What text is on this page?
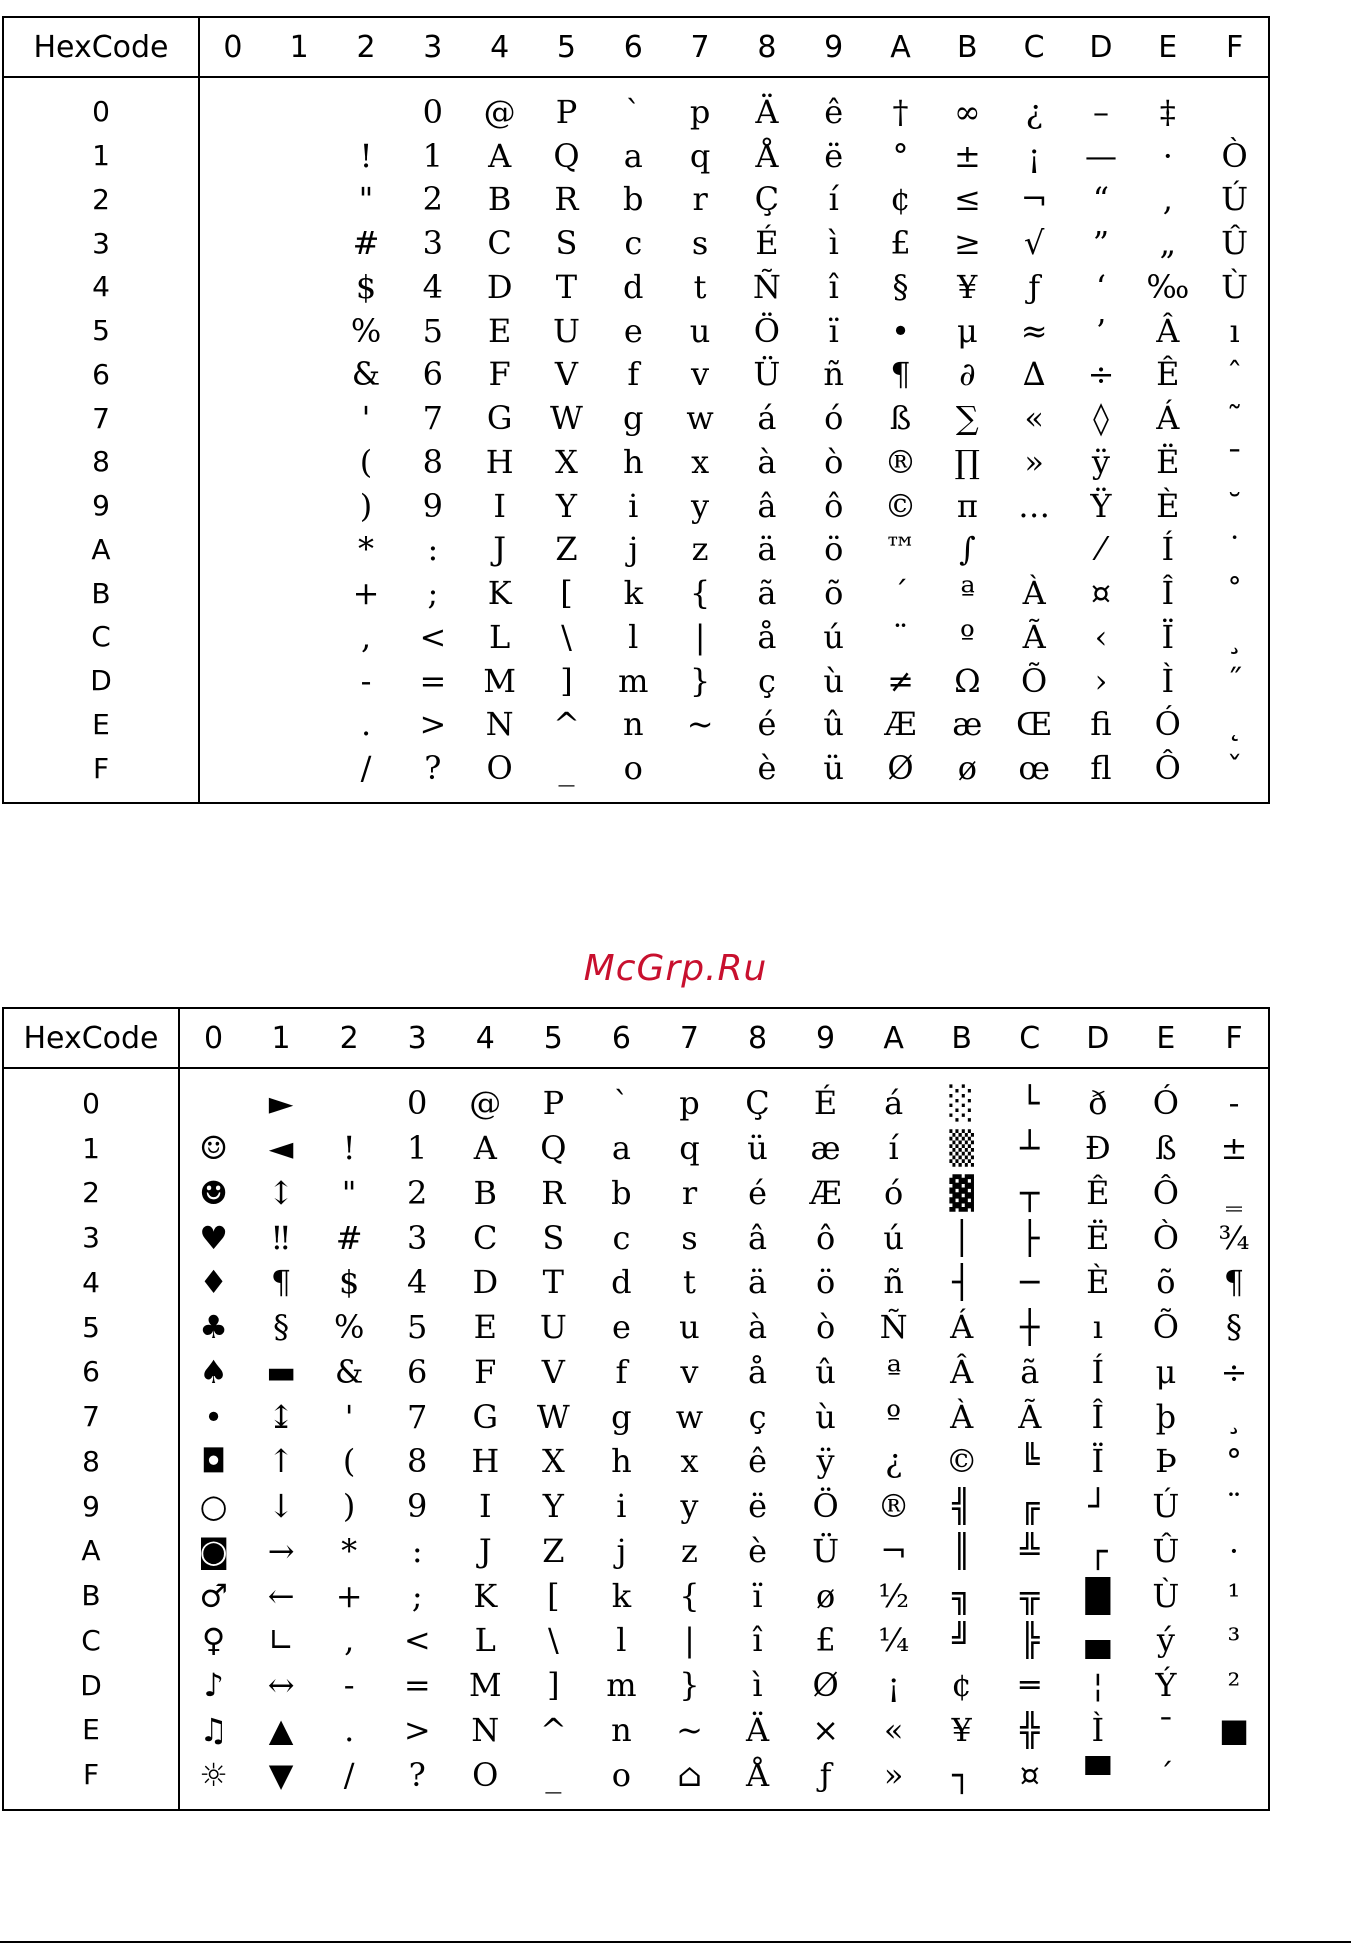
HexCode	0	1	2	3	4	5	6	7	8	9	A	B	C	D	E	F

0				0	@	P	`	p	Ä	ê	†	∞	¿	–	‡	
1			!	1	A	Q	a	q	Å	ë	°	±	¡	—	·	Ò
2			"	2	B	R	b	r	Ç	í	¢	≤	¬	“	,	Ú
3			#	3	C	S	c	s	É	ì	£	≥	√	”	„	Û
4			$	4	D	T	d	t	Ñ	î	§	¥	ƒ	‘	‰	Ù
5			%	5	E	U	e	u	Ö	ï	•	μ	≈	’	Â	ı
6			&	6	F	V	f	v	Ü	ñ	¶	∂	∆	÷	Ê	ˆ
7			'	7	G	W	g	w	á	ó	ß	∑	«	◊	Á	˜
8			(	8	H	X	h	x	à	ò	®	∏	»	ÿ	Ë	¯
9			)	9	I	Y	i	y	â	ô	©	π	…	Ÿ	È	˘
A			*	:	J	Z	j	z	ä	ö	™	∫		⁄	Í	˙
B			+	;	K	[	k	{	ã	õ	´	ª	À	¤	Î	˚
C			,	<	L	\	l	|	å	ú	¨	º	Ã	‹	Ï	¸
D			-	=	M	]	m	}	ç	ù	≠	Ω	Õ	›	Ì	˝
E			.	>	N	^	n	~	é	û	Æ	æ	Œ	ﬁ	Ó	˛
F			/	?	O	_	o		è	ü	Ø	ø	œ	ﬂ	Ô	ˇ

McGrp.Ru
HexCode	0	1	2	3	4	5	6	7	8	9	A	B	C	D	E	F

0		►		0	@	P	`	p	Ç	É	á	░	└	ð	Ó	-
1	☺	◄	!	1	A	Q	a	q	ü	æ	í	▒	┴	Đ	ß	±
2	☻	↕	"	2	B	R	b	r	é	Æ	ó	▓	┬	Ê	Ô	‗
3	♥	‼	#	3	C	S	c	s	â	ô	ú	│	├	Ë	Ò	¾
4	♦	¶	$	4	D	T	d	t	ä	ö	ñ	┤	─	È	õ	¶
5	♣	§	%	5	E	U	e	u	à	ò	Ñ	Á	┼	ı	Õ	§
6	♠	▬	&	6	F	V	f	v	å	û	ª	Â	ã	Í	μ	÷
7	•	↨	'	7	G	W	g	w	ç	ù	º	À	Ã	Î	þ	¸
8	◘	↑	(	8	H	X	h	x	ê	ÿ	¿	©	╚	Ï	Þ	°
9	○	↓	)	9	I	Y	i	y	ë	Ö	®	╣	╔	┘	Ú	¨
A	◙	→	*	:	J	Z	j	z	è	Ü	¬	║	╩	┌	Û	·
B	♂	←	+	;	K	[	k	{	ï	ø	½	╗	╦	█	Ù	¹
C	♀	∟	,	<	L	\	l	|	î	£	¼	╝	╠	▄	ý	³
D	♪	↔	-	=	M	]	m	}	ì	Ø	¡	¢	═	¦	Ý	²
E	♫	▲	.	>	N	^	n	~	Ä	×	«	¥	╬	Ì	¯	■
F	☼	▼	/	?	O	_	o	⌂	Å	ƒ	»	┐	¤	▀	´	
